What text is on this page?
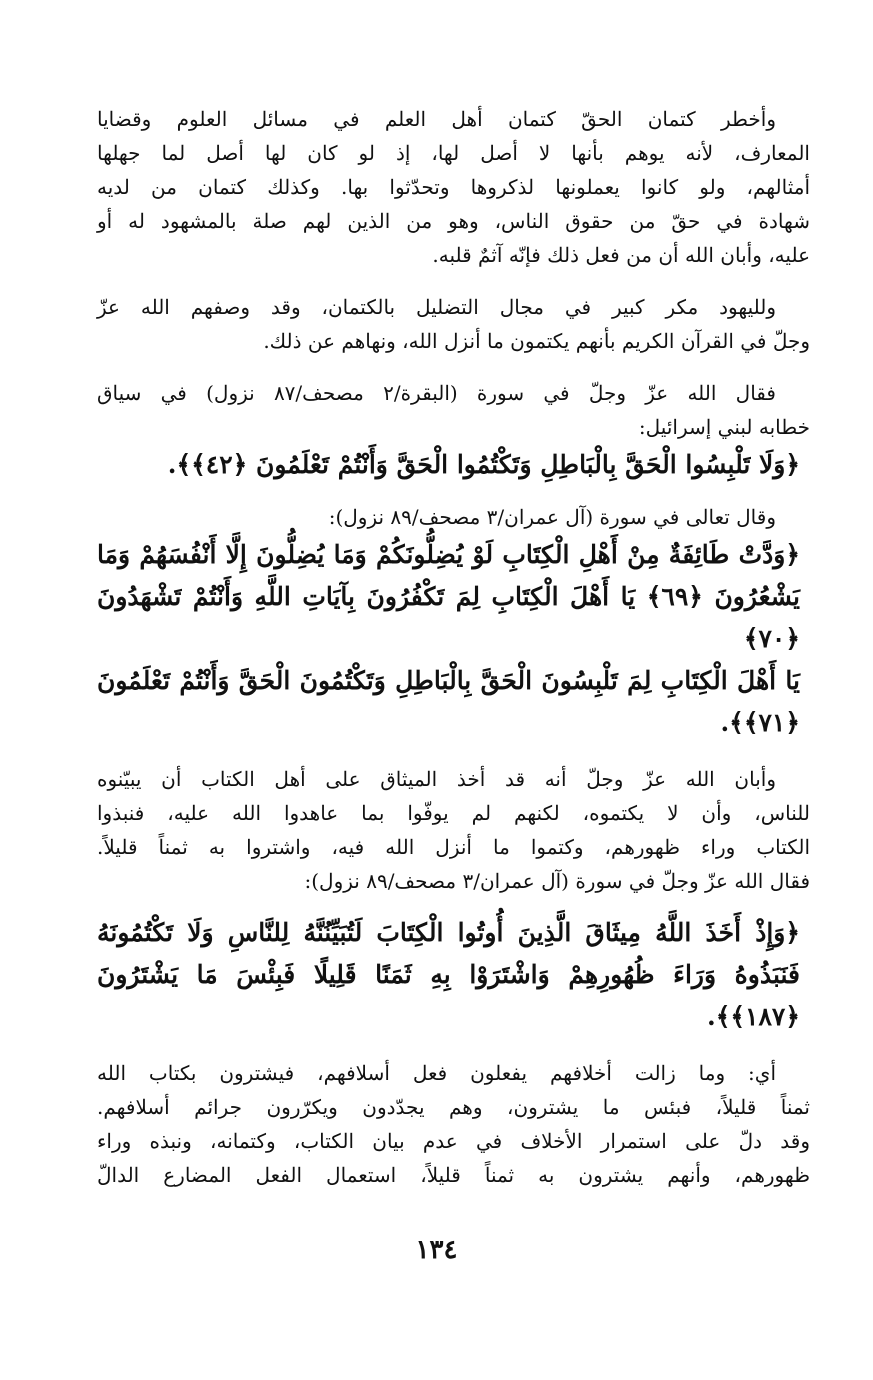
وأخطر كتمان الحقّ كتمان أهل العلم في مسائل العلوم وقضايا
المعارف، لأنه يوهم بأنها لا أصل لها، إذ لو كان لها أصل لما جهلها
أمثالهم، ولو كانوا يعملونها لذكروها وتحدّثوا بها. وكذلك كتمان من لديه
شهادة في حقّ من حقوق الناس، وهو من الذين لهم صلة بالمشهود له أو
عليه، وأبان الله أن من فعل ذلك فإنّه آثمٌ قلبه.

ولليهود مكر كبير في مجال التضليل بالكتمان، وقد وصفهم الله عزّ
وجلّ في القرآن الكريم بأنهم يكتمون ما أنزل الله، ونهاهم عن ذلك.

فقال الله عزّ وجلّ في سورة (البقرة/٢ مصحف/٨٧ نزول) في سياق
خطابه لبني إسرائيل:

﴿وَلَا تَلْبِسُوا الْحَقَّ بِالْبَاطِلِ وَتَكْتُمُوا الْحَقَّ وَأَنْتُمْ تَعْلَمُونَ ﴿٤٢﴾﴾.

وقال تعالى في سورة (آل عمران/٣ مصحف/٨٩ نزول):

﴿وَدَّتْ طَائِفَةٌ مِنْ أَهْلِ الْكِتَابِ لَوْ يُضِلُّونَكُمْ وَمَا يُضِلُّونَ إِلَّا أَنْفُسَهُمْ وَمَا
يَشْعُرُونَ ﴿٦٩﴾ يَا أَهْلَ الْكِتَابِ لِمَ تَكْفُرُونَ بِآيَاتِ اللَّهِ وَأَنْتُمْ تَشْهَدُونَ ﴿٧٠﴾
يَا أَهْلَ الْكِتَابِ لِمَ تَلْبِسُونَ الْحَقَّ بِالْبَاطِلِ وَتَكْتُمُونَ الْحَقَّ وَأَنْتُمْ تَعْلَمُونَ ﴿٧١﴾﴾.

وأبان الله عزّ وجلّ أنه قد أخذ الميثاق على أهل الكتاب أن يبيّنوه
للناس، وأن لا يكتموه، لكنهم لم يوفّوا بما عاهدوا الله عليه، فنبذوا
الكتاب وراء ظهورهم، وكتموا ما أنزل الله فيه، واشتروا به ثمناً قليلاً.
فقال الله عزّ وجلّ في سورة (آل عمران/٣ مصحف/٨٩ نزول):

﴿وَإِذْ أَخَذَ اللَّهُ مِيثَاقَ الَّذِينَ أُوتُوا الْكِتَابَ لَتُبَيِّنُنَّهُ لِلنَّاسِ وَلَا تَكْتُمُونَهُ
فَنَبَذُوهُ وَرَاءَ ظُهُورِهِمْ وَاشْتَرَوْا بِهِ ثَمَنًا قَلِيلًا فَبِئْسَ مَا يَشْتَرُونَ ﴿١٨٧﴾﴾.

أي: وما زالت أخلافهم يفعلون فعل أسلافهم، فيشترون بكتاب الله
ثمناً قليلاً، فبئس ما يشترون، وهم يجدّدون ويكرّرون جرائم أسلافهم.
وقد دلّ على استمرار الأخلاف في عدم بيان الكتاب، وكتمانه، ونبذه وراء
ظهورهم، وأنهم يشترون به ثمناً قليلاً، استعمال الفعل المضارع الدالّ

١٣٤
